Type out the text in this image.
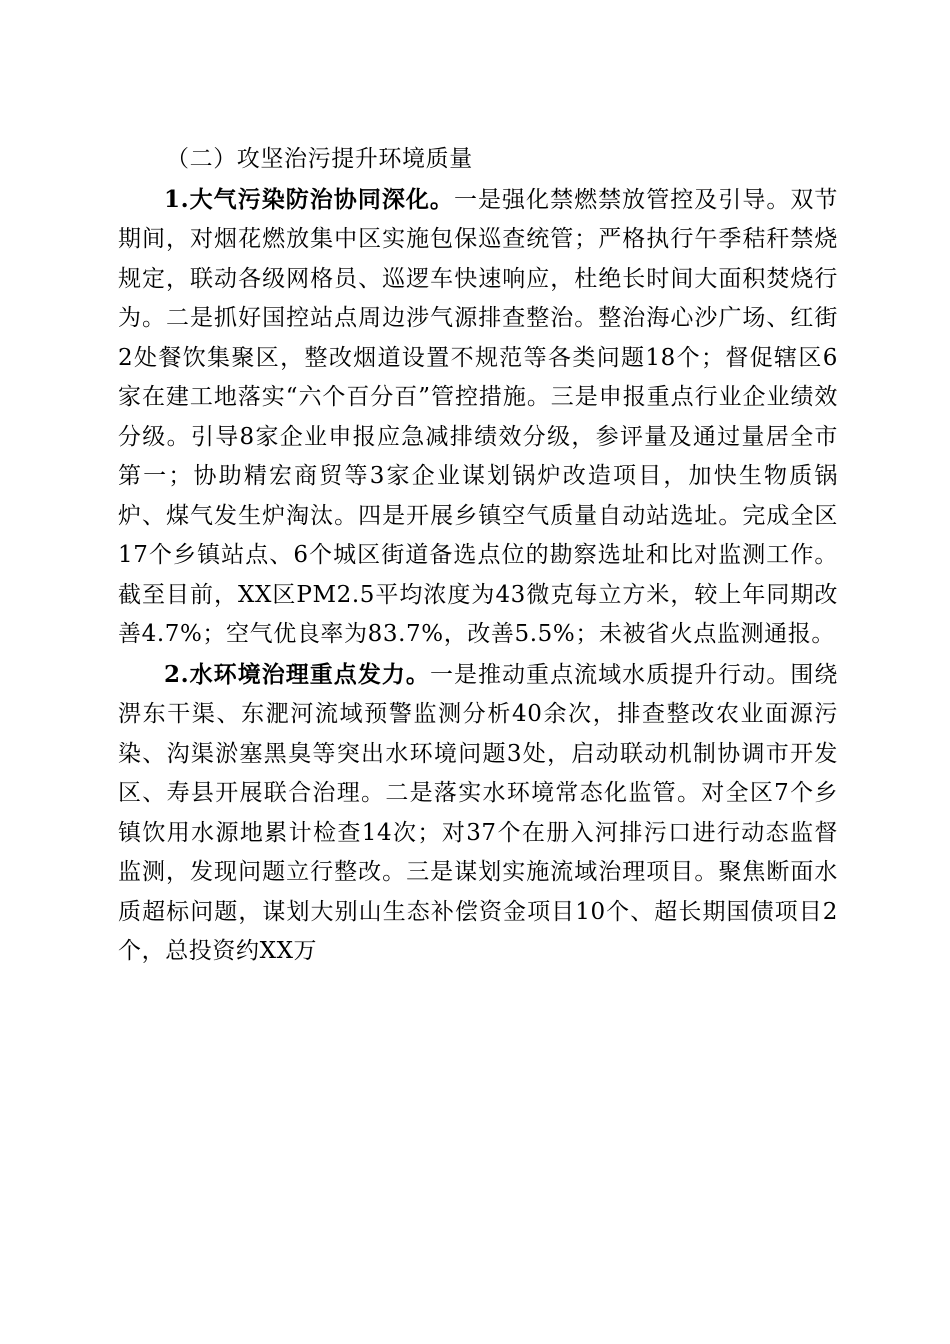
（二）攻坚治污提升环境质量

1.大气污染防治协同深化。一是强化禁燃禁放管控及引导。双节期间，对烟花燃放集中区实施包保巡查统管；严格执行午季秸秆禁烧规定，联动各级网格员、巡逻车快速响应，杜绝长时间大面积焚烧行为。二是抓好国控站点周边涉气源排查整治。整治海心沙广场、红街2处餐饮集聚区，整改烟道设置不规范等各类问题18个；督促辖区6家在建工地落实“六个百分百”管控措施。三是申报重点行业企业绩效分级。引导8家企业申报应急减排绩效分级，参评量及通过量居全市第一；协助精宏商贸等3家企业谋划锅炉改造项目，加快生物质锅炉、煤气发生炉淘汰。四是开展乡镇空气质量自动站选址。完成全区17个乡镇站点、6个城区街道备选点位的勘察选址和比对监测工作。截至目前，XX区PM2.5平均浓度为43微克每立方米，较上年同期改善4.7%；空气优良率为83.7%，改善5.5%；未被省火点监测通报。

2.水环境治理重点发力。一是推动重点流域水质提升行动。围绕淠东干渠、东淝河流域预警监测分析40余次，排查整改农业面源污染、沟渠淤塞黑臭等突出水环境问题3处，启动联动机制协调市开发区、寿县开展联合治理。二是落实水环境常态化监管。对全区7个乡镇饮用水源地累计检查14次；对37个在册入河排污口进行动态监督监测，发现问题立行整改。三是谋划实施流域治理项目。聚焦断面水质超标问题，谋划大别山生态补偿资金项目10个、超长期国债项目2个，总投资约XX万
